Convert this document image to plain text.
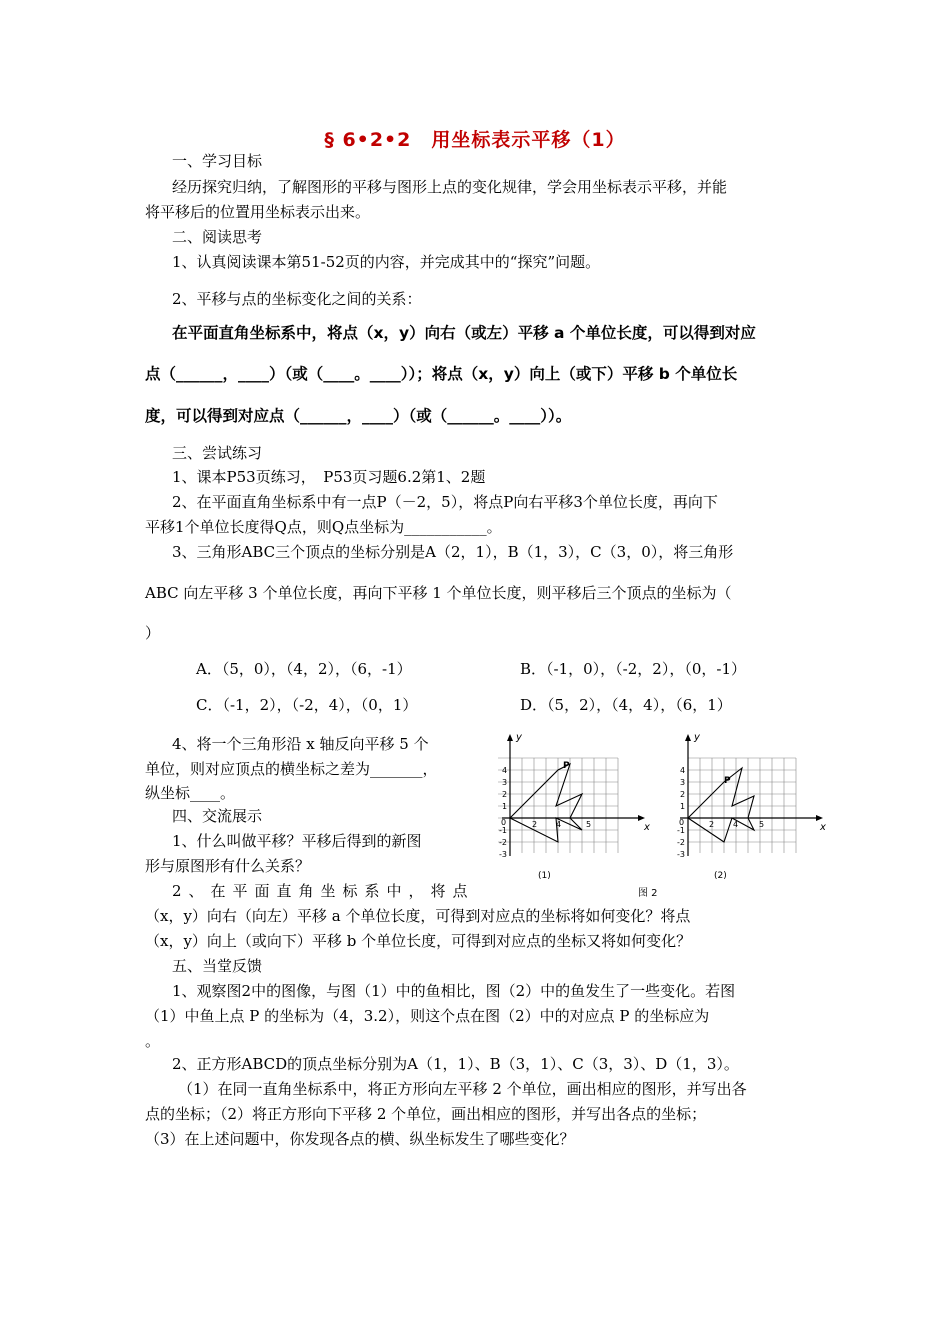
§ 6•2•2　用坐标表示平移（1）
一、学习目标
经历探究归纳，了解图形的平移与图形上点的变化规律，学会用坐标表示平移，并能
将平移后的位置用坐标表示出来。
二、阅读思考
1、认真阅读课本第51-52页的内容，并完成其中的“探究”问题。
2、平移与点的坐标变化之间的关系：
在平面直角坐标系中，将点（x，y）向右（或左）平移 a 个单位长度，可以得到对应
点（______，____）（或（____。____））；将点（x，y）向上（或下）平移 b 个单位长
度，可以得到对应点（______，____）（或（______。____））。
三、尝试练习
1、课本P53页练习，　P53页习题6.2第1、2题
2、在平面直角坐标系中有一点P（－2，5），将点P向右平移3个单位长度，再向下
平移1个单位长度得Q点，则Q点坐标为___________。
3、三角形ABC三个顶点的坐标分别是A（2，1），B（1，3），C（3，0），将三角形
ABC 向左平移 3 个单位长度，再向下平移 1 个单位长度，则平移后三个顶点的坐标为（
）
A．（5，0），（4，2），（6，-1）	B．（-1，0），（-2，2），（0，-1）
C．（-1，2），（-2，4），（0，1）	D．（5，2），（4，4），（6，1）
4、将一个三角形沿 x 轴反向平移 5 个
单位，则对应顶点的横坐标之差为_______，
纵坐标____。
四、交流展示
1、什么叫做平移？平移后得到的新图
形与原图形有什么关系？
2、在平面直角坐标系中，将点
（x，y）向右（向左）平移 a 个单位长度，可得到对应点的坐标将如何变化？将点
（x，y）向上（或向下）平移 b 个单位长度，可得到对应点的坐标又将如何变化？
五、当堂反馈
1、观察图2中的图像，与图（1）中的鱼相比，图（2）中的鱼发生了一些变化。若图
（1）中鱼上点 P 的坐标为（4，3.2），则这个点在图（2）中的对应点 P 的坐标应为
。
2、正方形ABCD的顶点坐标分别为A（1，1）、B（3，1）、C（3，3）、D（1，3）。
（1）在同一直角坐标系中，将正方形向左平移 2 个单位，画出相应的图形，并写出各
点的坐标；（2）将正方形向下平移 2 个单位，画出相应的图形，并写出各点的坐标；
（3）在上述问题中，你发现各点的横、纵坐标发生了哪些变化？
y
x
0
4
3
2
1
-1
-2
-3
2 4	5
P
(1)
y
x
0
4
3
2
1
-1
-2
-3
2 4	5
P
(2)
图 2
